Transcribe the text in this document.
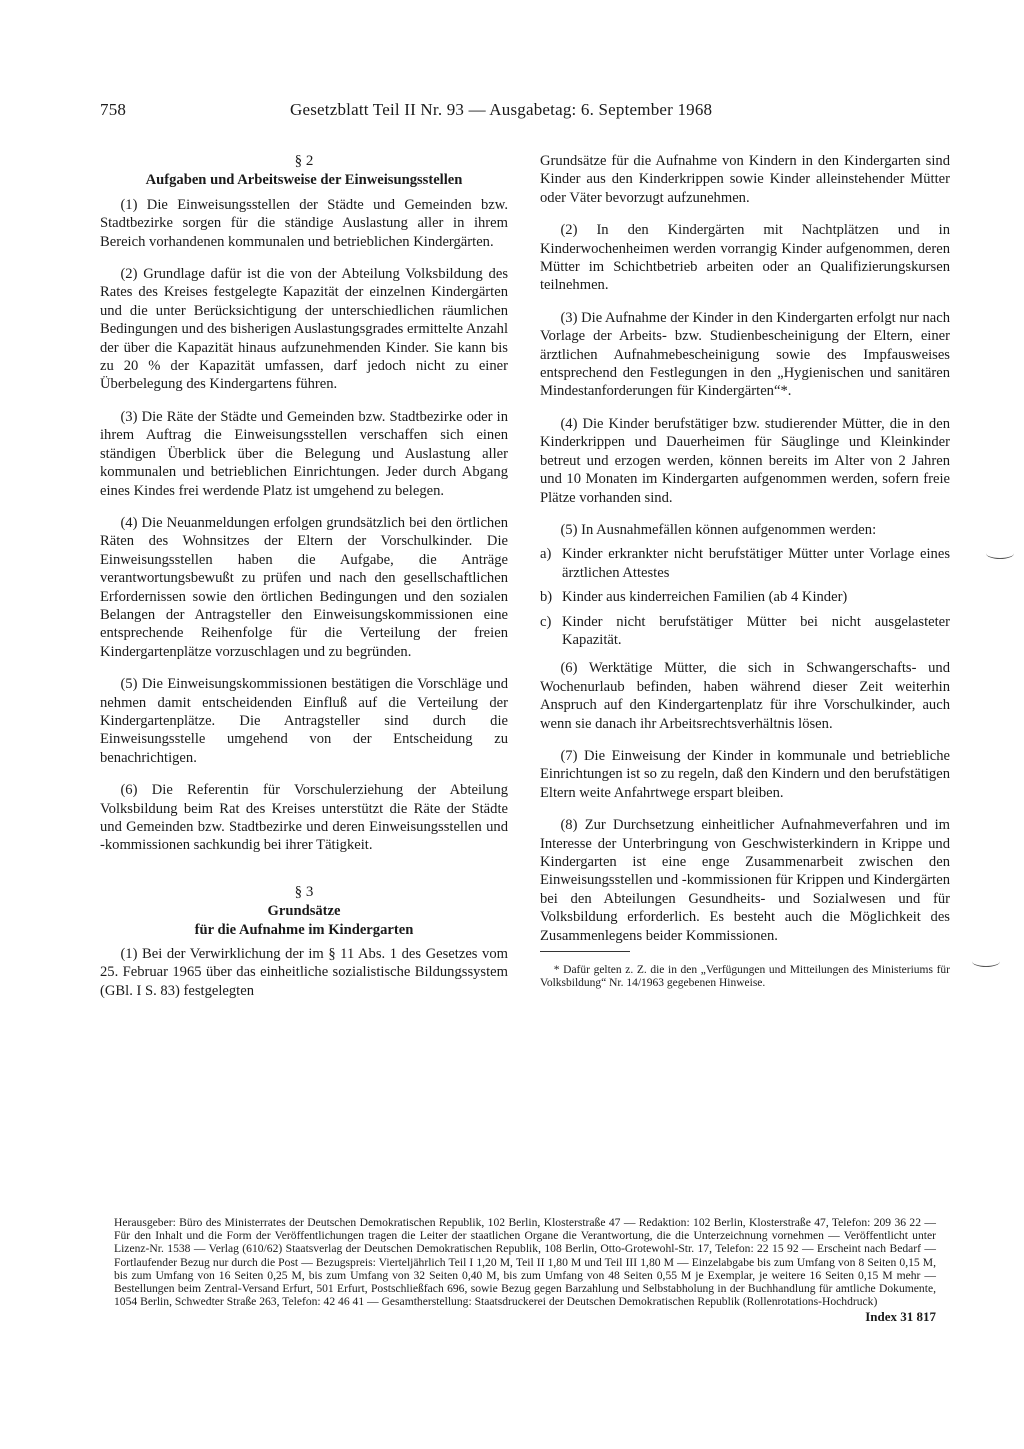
758	Gesetzblatt Teil II Nr. 93 — Ausgabetag: 6. September 1968
§ 2
Aufgaben und Arbeitsweise der Einweisungsstellen

(1) Die Einweisungsstellen der Städte und Gemeinden bzw. Stadtbezirke sorgen für die ständige Auslastung aller in ihrem Bereich vorhandenen kommunalen und betrieblichen Kindergärten.

(2) Grundlage dafür ist die von der Abteilung Volksbildung des Rates des Kreises festgelegte Kapazität der einzelnen Kindergärten und die unter Berücksichtigung der unterschiedlichen räumlichen Bedingungen und des bisherigen Auslastungsgrades ermittelte Anzahl der über die Kapazität hinaus aufzunehmenden Kinder. Sie kann bis zu 20 % der Kapazität umfassen, darf jedoch nicht zu einer Überbelegung des Kindergartens führen.

(3) Die Räte der Städte und Gemeinden bzw. Stadtbezirke oder in ihrem Auftrag die Einweisungsstellen verschaffen sich einen ständigen Überblick über die Belegung und Auslastung aller kommunalen und betrieblichen Einrichtungen. Jeder durch Abgang eines Kindes frei werdende Platz ist umgehend zu belegen.

(4) Die Neuanmeldungen erfolgen grundsätzlich bei den örtlichen Räten des Wohnsitzes der Eltern der Vorschulkinder. Die Einweisungsstellen haben die Aufgabe, die Anträge verantwortungsbewußt zu prüfen und nach den gesellschaftlichen Erfordernissen sowie den örtlichen Bedingungen und den sozialen Belangen der Antragsteller den Einweisungskommissionen eine entsprechende Reihenfolge für die Verteilung der freien Kindergartenplätze vorzuschlagen und zu begründen.

(5) Die Einweisungskommissionen bestätigen die Vorschläge und nehmen damit entscheidenden Einfluß auf die Verteilung der Kindergartenplätze. Die Antragsteller sind durch die Einweisungsstelle umgehend von der Entscheidung zu benachrichtigen.

(6) Die Referentin für Vorschulerziehung der Abteilung Volksbildung beim Rat des Kreises unterstützt die Räte der Städte und Gemeinden bzw. Stadtbezirke und deren Einweisungsstellen und -kommissionen sachkundig bei ihrer Tätigkeit.

§ 3
Grundsätze
für die Aufnahme im Kindergarten

(1) Bei der Verwirklichung der im § 11 Abs. 1 des Gesetzes vom 25. Februar 1965 über das einheitliche sozialistische Bildungssystem (GBl. I S. 83) festgelegten

Grundsätze für die Aufnahme von Kindern in den Kindergarten sind Kinder aus den Kinderkrippen sowie Kinder alleinstehender Mütter oder Väter bevorzugt aufzunehmen.

(2) In den Kindergärten mit Nachtplätzen und in Kinderwochenheimen werden vorrangig Kinder aufgenommen, deren Mütter im Schichtbetrieb arbeiten oder an Qualifizierungskursen teilnehmen.

(3) Die Aufnahme der Kinder in den Kindergarten erfolgt nur nach Vorlage der Arbeits- bzw. Studienbescheinigung der Eltern, einer ärztlichen Aufnahmebescheinigung sowie des Impfausweises entsprechend den Festlegungen in den „Hygienischen und sanitären Mindestanforderungen für Kindergärten“*.

(4) Die Kinder berufstätiger bzw. studierender Mütter, die in den Kinderkrippen und Dauerheimen für Säuglinge und Kleinkinder betreut und erzogen werden, können bereits im Alter von 2 Jahren und 10 Monaten im Kindergarten aufgenommen werden, sofern freie Plätze vorhanden sind.

(5) In Ausnahmefällen können aufgenommen werden:

a) Kinder erkrankter nicht berufstätiger Mütter unter Vorlage eines ärztlichen Attestes
b) Kinder aus kinderreichen Familien (ab 4 Kinder)
c) Kinder nicht berufstätiger Mütter bei nicht ausgelasteter Kapazität.

(6) Werktätige Mütter, die sich in Schwangerschafts- und Wochenurlaub befinden, haben während dieser Zeit weiterhin Anspruch auf den Kindergartenplatz für ihre Vorschulkinder, auch wenn sie danach ihr Arbeitsrechtsverhältnis lösen.

(7) Die Einweisung der Kinder in kommunale und betriebliche Einrichtungen ist so zu regeln, daß den Kindern und den berufstätigen Eltern weite Anfahrtwege erspart bleiben.

(8) Zur Durchsetzung einheitlicher Aufnahmeverfahren und im Interesse der Unterbringung von Geschwisterkindern in Krippe und Kindergarten ist eine enge Zusammenarbeit zwischen den Einweisungsstellen und -kommissionen für Krippen und Kindergärten bei den Abteilungen Gesundheits- und Sozialwesen und für Volksbildung erforderlich. Es besteht auch die Möglichkeit des Zusammenlegens beider Kommissionen.

* Dafür gelten z. Z. die in den „Verfügungen und Mitteilungen des Ministeriums für Volksbildung“ Nr. 14/1963 gegebenen Hinweise.

Herausgeber: Büro des Ministerrates der Deutschen Demokratischen Republik, 102 Berlin, Klosterstraße 47 — Redaktion: 102 Berlin, Klosterstraße 47, Telefon: 209 36 22 — Für den Inhalt und die Form der Veröffentlichungen tragen die Leiter der staatlichen Organe die Verantwortung, die die Unterzeichnung vornehmen — Veröffentlicht unter Lizenz-Nr. 1538 — Verlag (610/62) Staatsverlag der Deutschen Demokratischen Republik, 108 Berlin, Otto-Grotewohl-Str. 17, Telefon: 22 15 92 — Erscheint nach Bedarf — Fortlaufender Bezug nur durch die Post — Bezugspreis: Vierteljährlich Teil I 1,20 M, Teil II 1,80 M und Teil III 1,80 M — Einzelabgabe bis zum Umfang von 8 Seiten 0,15 M, bis zum Umfang von 16 Seiten 0,25 M, bis zum Umfang von 32 Seiten 0,40 M, bis zum Umfang von 48 Seiten 0,55 M je Exemplar, je weitere 16 Seiten 0,15 M mehr — Bestellungen beim Zentral-Versand Erfurt, 501 Erfurt, Postschließfach 696, sowie Bezug gegen Barzahlung und Selbstabholung in der Buchhandlung für amtliche Dokumente, 1054 Berlin, Schwedter Straße 263, Telefon: 42 46 41 — Gesamtherstellung: Staatsdruckerei der Deutschen Demokratischen Republik (Rollenrotations-Hochdruck)
Index 31 817
